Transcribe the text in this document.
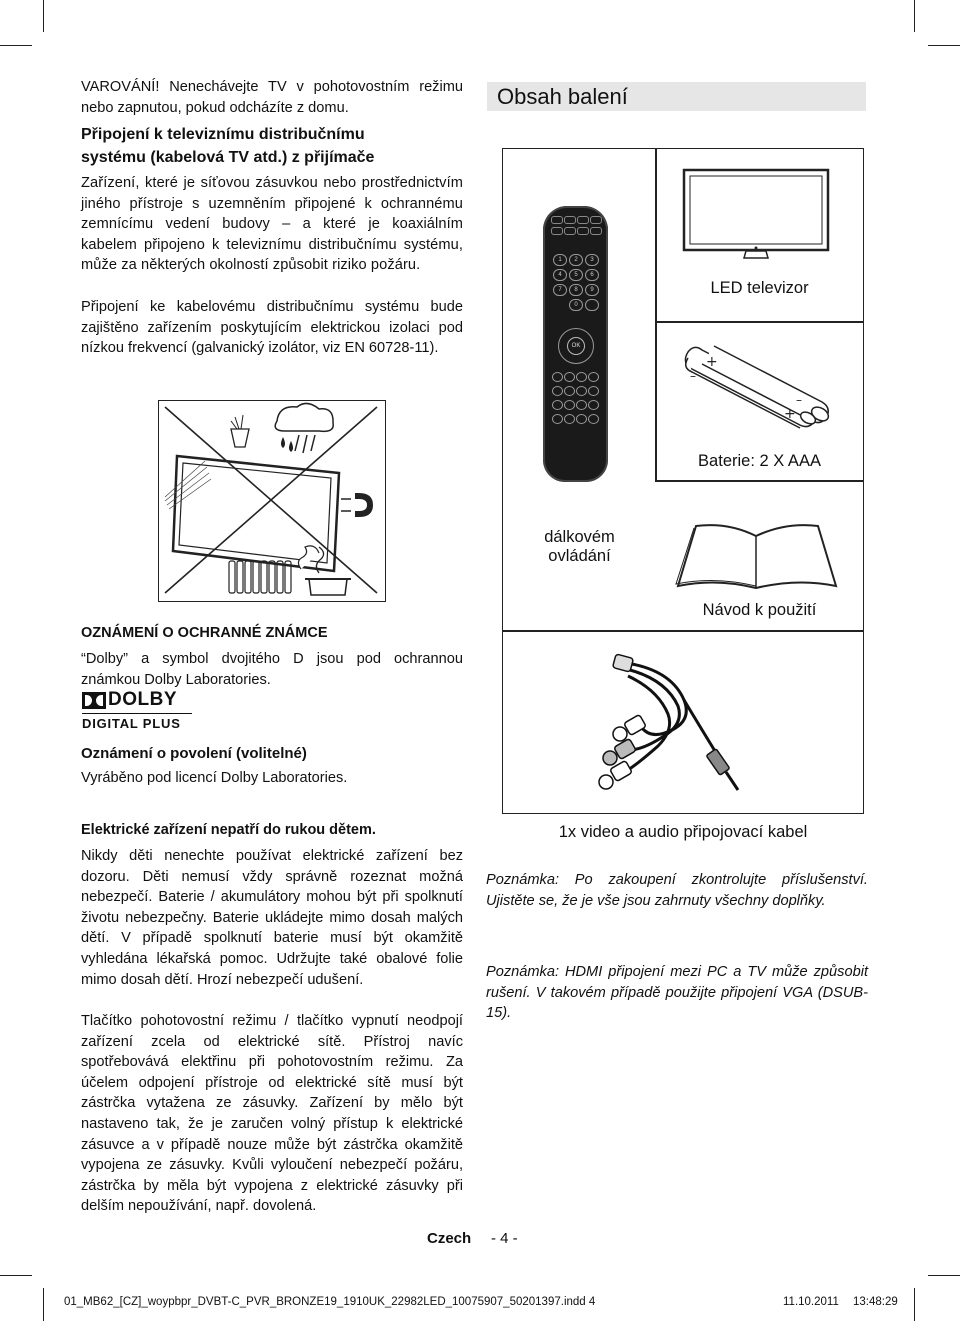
VAROVÁNÍ! Nenechávejte TV v pohotovostním režimu nebo zapnutou, pokud odcházíte z domu.

Připojení k televiznímu distribučnímu systému (kabelová TV atd.) z přijímače

Zařízení, které je síťovou zásuvkou nebo prostřednictvím jiného přístroje s uzemněním připojené k ochrannému zemnícímu vedení budovy – a které je koaxiálním kabelem připojeno k televiznímu distribučnímu systému, může za některých okolností způsobit riziko požáru.

Připojení ke kabelovému distribučnímu systému bude zajištěno zařízením poskytujícím elektrickou izolaci pod nízkou frekvencí (galvanický izolátor, viz EN 60728-11).

OZNÁMENÍ O OCHRANNÉ ZNÁMCE

“Dolby” a symbol dvojitého D jsou pod ochrannou známkou Dolby Laboratories.

DOLBY
DIGITAL PLUS
Oznámení o povolení (volitelné)

Vyráběno pod licencí Dolby Laboratories.

Elektrické zařízení nepatří do rukou dětem.

Nikdy děti nenechte používat elektrické zařízení bez dozoru. Děti nemusí vždy správně rozeznat možná nebezpečí. Baterie / akumulátory mohou být při spolknutí životu nebezpečny. Baterie ukládejte mimo dosah malých dětí. V případě spolknutí baterie musí být okamžitě vyhledána lékařská pomoc. Udržujte také obalové folie mimo dosah dětí. Hrozí nebezpečí udušení.

Tlačítko pohotovostní režimu / tlačítko vypnutí neodpojí zařízení zcela od elektrické sítě. Přístroj navíc spotřebovává elektřinu při pohotovostním režimu. Za účelem odpojení přístroje od elektrické sítě musí být zástrčka vytažena ze zásuvky. Zařízení by mělo být nastaveno tak, že je zaručen volný přístup k elektrické zásuvce a v případě nouze může být zástrčka okamžitě vypojena ze zásuvky. Kvůli vyloučení nebezpečí požáru, zástrčka by měla být vypojena z elektrické zásuvky při delším nepoužívání, např. dovolená.

Obsah balení
1	2	3
4	5	6
7	8	9
0
OK
LED televizor
+
+
–
–
Baterie: 2 X AAA
dálkovém
ovládání
Návod k použití
1x video a audio připojovací kabel

Poznámka: Po zakoupení zkontrolujte příslušenství. Ujistěte se, že je vše jsou zahrnuty všechny doplňky.

Poznámka: HDMI připojení mezi PC a TV může způsobit rušení. V takovém případě použijte připojení VGA (DSUB-15).

Czech - 4 -
01_MB62_[CZ]_woypbpr_DVBT-C_PVR_BRONZE19_1910UK_22982LED_10075907_50201397.indd 4	11.10.2011 13:48:29
